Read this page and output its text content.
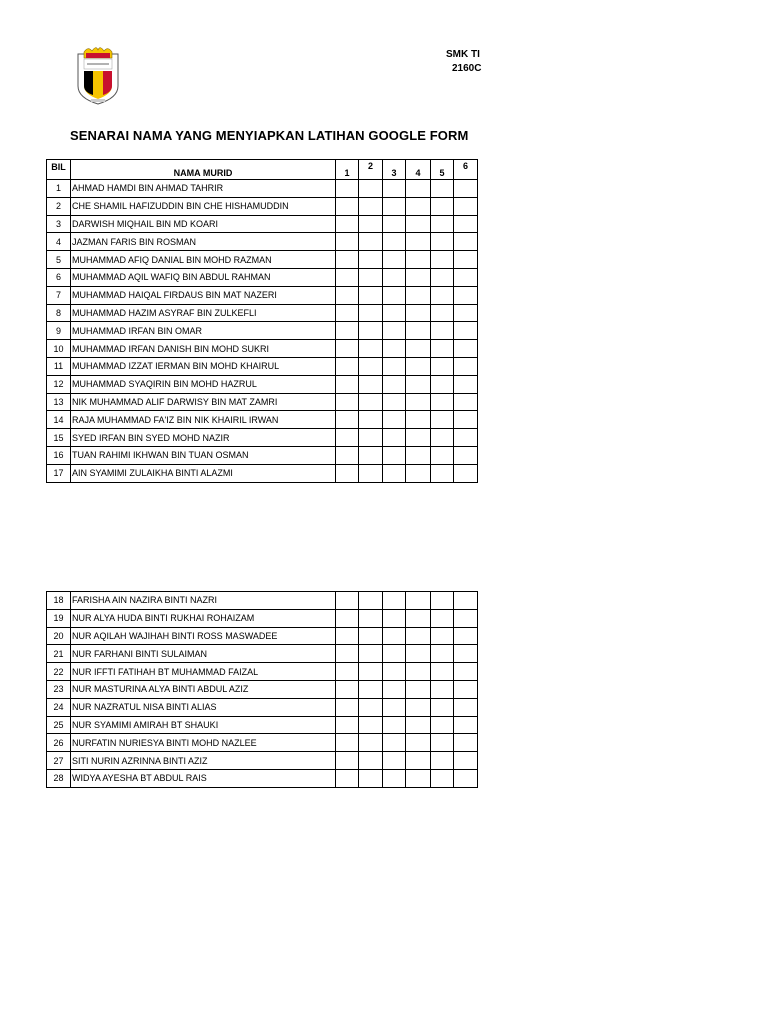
SMK TI
2160C
SENARAI NAMA YANG MENYIAPKAN LATIHAN GOOGLE FORM
BIL	NAMA MURID	1	2	3	4	5	6
1	AHMAD HAMDI BIN AHMAD TAHRIR						
2	CHE SHAMIL HAFIZUDDIN BIN CHE HISHAMUDDIN						
3	DARWISH MIQHAIL BIN MD KOARI						
4	JAZMAN FARIS BIN ROSMAN						
5	MUHAMMAD AFIQ DANIAL BIN MOHD RAZMAN						
6	MUHAMMAD AQIL WAFIQ BIN ABDUL RAHMAN						
7	MUHAMMAD HAIQAL FIRDAUS BIN MAT NAZERI						
8	MUHAMMAD HAZIM ASYRAF BIN ZULKEFLI						
9	MUHAMMAD IRFAN BIN OMAR						
10	MUHAMMAD IRFAN DANISH BIN MOHD SUKRI						
11	MUHAMMAD IZZAT IERMAN BIN MOHD KHAIRUL						
12	MUHAMMAD SYAQIRIN BIN MOHD HAZRUL						
13	NIK MUHAMMAD ALIF DARWISY BIN MAT ZAMRI						
14	RAJA MUHAMMAD FA'IZ BIN NIK KHAIRIL IRWAN						
15	SYED IRFAN BIN SYED MOHD NAZIR						
16	TUAN RAHIMI IKHWAN BIN TUAN OSMAN						
17	AIN SYAMIMI ZULAIKHA BINTI ALAZMI						
18	FARISHA AIN NAZIRA BINTI NAZRI						
19	NUR ALYA HUDA BINTI RUKHAI ROHAIZAM						
20	NUR AQILAH WAJIHAH BINTI ROSS MASWADEE						
21	NUR FARHANI BINTI SULAIMAN						
22	NUR IFFTI FATIHAH BT MUHAMMAD FAIZAL						
23	NUR MASTURINA ALYA BINTI ABDUL AZIZ						
24	NUR NAZRATUL NISA BINTI ALIAS						
25	NUR SYAMIMI AMIRAH BT SHAUKI						
26	NURFATIN NURIESYA BINTI MOHD NAZLEE						
27	SITI NURIN AZRINNA BINTI AZIZ						
28	WIDYA AYESHA BT ABDUL RAIS						
